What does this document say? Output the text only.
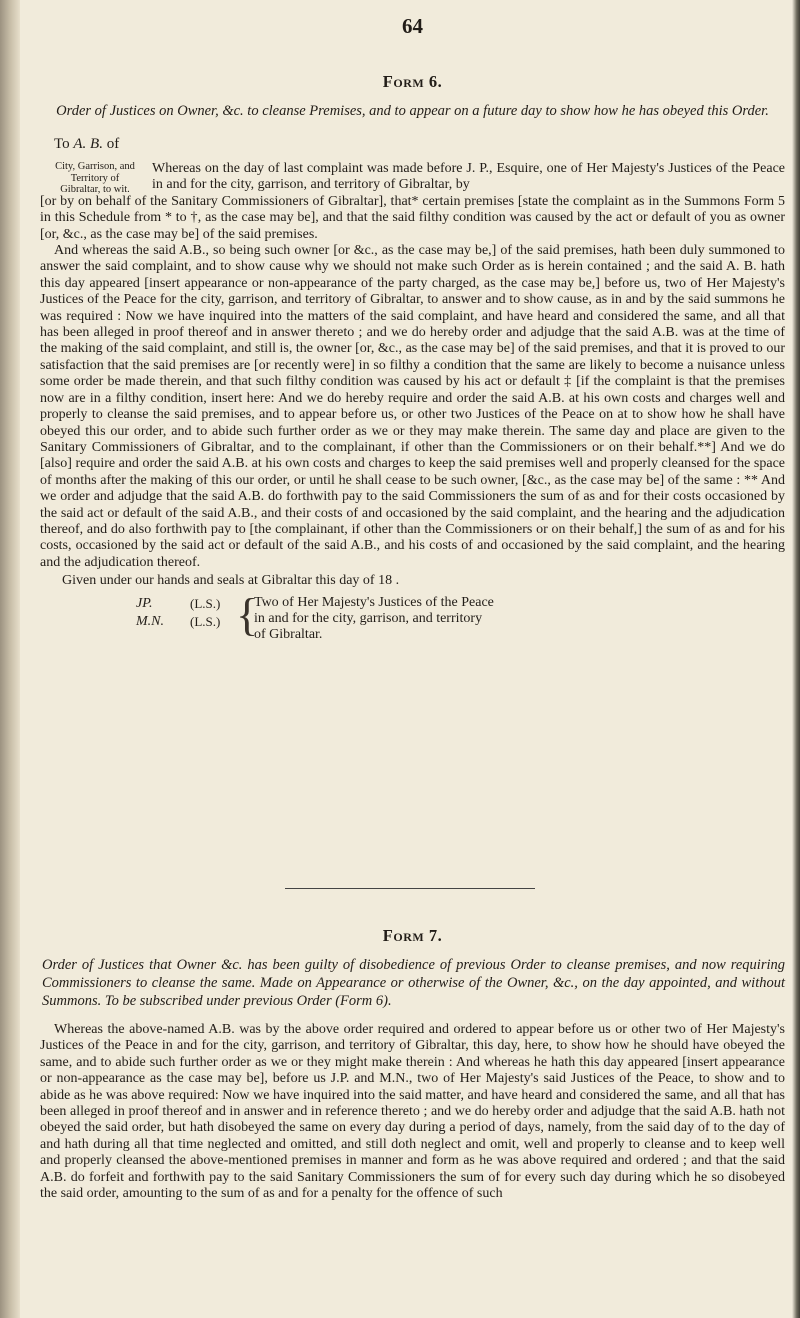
64
Form 6.

Order of Justices on Owner, &c. to cleanse Premises, and to appear on a future day to show how he has obeyed this Order.

To A. B. of
City, Garrison, and Territory of Gibraltar, to wit.
Whereas on the day of last complaint was made before J. P., Esquire, one of Her Majesty's Justices of the Peace in and for the city, garrison, and territory of Gibraltar, by

[or by on behalf of the Sanitary Commissioners of Gibraltar], that* certain premises [state the complaint as in the Summons Form 5 in this Schedule from * to †, as the case may be], and that the said filthy condition was caused by the act or default of you as owner [or, &c., as the case may be] of the said premises.

And whereas the said A.B., so being such owner [or &c., as the case may be,] of the said premises, hath been duly summoned to answer the said complaint, and to show cause why we should not make such Order as is herein contained ; and the said A. B. hath this day appeared [insert appearance or non-appearance of the party charged, as the case may be,] before us, two of Her Majesty's Justices of the Peace for the city, garrison, and territory of Gibraltar, to answer and to show cause, as in and by the said summons he was required : Now we have inquired into the matters of the said complaint, and have heard and considered the same, and all that has been alleged in proof thereof and in answer thereto ; and we do hereby order and adjudge that the said A.B. was at the time of the making of the said complaint, and still is, the owner [or, &c., as the case may be] of the said premises, and that it is proved to our satisfaction that the said premises are [or recently were] in so filthy a condition that the same are likely to become a nuisance unless some order be made therein, and that such filthy condition was caused by his act or default ‡ [if the complaint is that the premises now are in a filthy condition, insert here: And we do hereby require and order the said A.B. at his own costs and charges well and properly to cleanse the said premises, and to appear before us, or other two Justices of the Peace on at to show how he shall have obeyed this our order, and to abide such further order as we or they may make therein. The same day and place are given to the Sanitary Commissioners of Gibraltar, and to the complainant, if other than the Commissioners or on their behalf.**] And we do [also] require and order the said A.B. at his own costs and charges to keep the said premises well and properly cleansed for the space of months after the making of this our order, or until he shall cease to be such owner, [&c., as the case may be] of the same : ** And we order and adjudge that the said A.B. do forthwith pay to the said Commissioners the sum of as and for their costs occasioned by the said act or default of the said A.B., and their costs of and occasioned by the said complaint, and the hearing and the adjudication thereof, and do also forthwith pay to [the complainant, if other than the Commissioners or on their behalf,] the sum of as and for his costs, occasioned by the said act or default of the said A.B., and his costs of and occasioned by the said complaint, and the hearing and the adjudication thereof.

Given under our hands and seals at Gibraltar this day of 18 .
JP.
M.N.
(L.S.)
(L.S.) {
Two of Her Majesty's Justices of the Peace in and for the city, garrison, and territory of Gibraltar.
Form 7.

Order of Justices that Owner &c. has been guilty of disobedience of previous Order to cleanse premises, and now requiring Commissioners to cleanse the same. Made on Appearance or otherwise of the Owner, &c., on the day appointed, and without Summons. To be subscribed under previous Order (Form 6).

Whereas the above-named A.B. was by the above order required and ordered to appear before us or other two of Her Majesty's Justices of the Peace in and for the city, garrison, and territory of Gibraltar, this day, here, to show how he should have obeyed the same, and to abide such further order as we or they might make therein : And whereas he hath this day appeared [insert appearance or non-appearance as the case may be], before us J.P. and M.N., two of Her Majesty's said Justices of the Peace, to show and to abide as he was above required: Now we have inquired into the said matter, and have heard and considered the same, and all that has been alleged in proof thereof and in answer and in reference thereto ; and we do hereby order and adjudge that the said A.B. hath not obeyed the said order, but hath disobeyed the same on every day during a period of days, namely, from the said day of to the day of and hath during all that time neglected and omitted, and still doth neglect and omit, well and properly to cleanse and to keep well and properly cleansed the above-mentioned premises in manner and form as he was above required and ordered ; and that the said A.B. do forfeit and forthwith pay to the said Sanitary Commissioners the sum of for every such day during which he so disobeyed the said order, amounting to the sum of as and for a penalty for the offence of such
